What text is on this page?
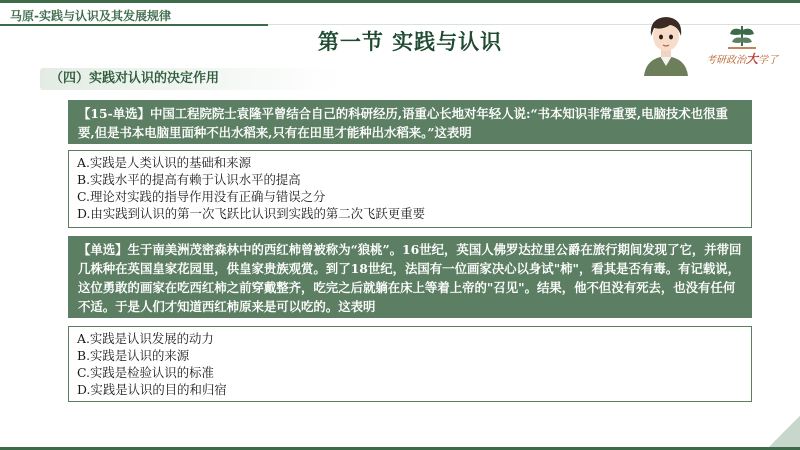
马原-实践与认识及其发展规律
第一节 实践与认识
考研政治大学了
（四）实践对认识的决定作用
【15-单选】中国工程院院士袁隆平曾结合自己的科研经历,语重心长地对年轻人说:“书本知识非常重要,电脑技术也很重要,但是书本电脑里面种不出水稻来,只有在田里才能种出水稻来。”这表明
A.实践是人类认识的基础和来源
B.实践水平的提高有赖于认识水平的提高
C.理论对实践的指导作用没有正确与错误之分
D.由实践到认识的第一次飞跃比认识到实践的第二次飞跃更重要
【单选】生于南美洲茂密森林中的西红柿曾被称为“狼桃”。16世纪，英国人佛罗达拉里公爵在旅行期间发现了它，并带回几株种在英国皇家花园里，供皇家贵族观赏。到了18世纪，法国有一位画家决心以身试"柿"，看其是否有毒。有记载说，这位勇敢的画家在吃西红柿之前穿戴整齐，吃完之后就躺在床上等着上帝的"召见"。结果，他不但没有死去，也没有任何不适。于是人们才知道西红柿原来是可以吃的。这表明
A.实践是认识发展的动力
B.实践是认识的来源
C.实践是检验认识的标准
D.实践是认识的目的和归宿
